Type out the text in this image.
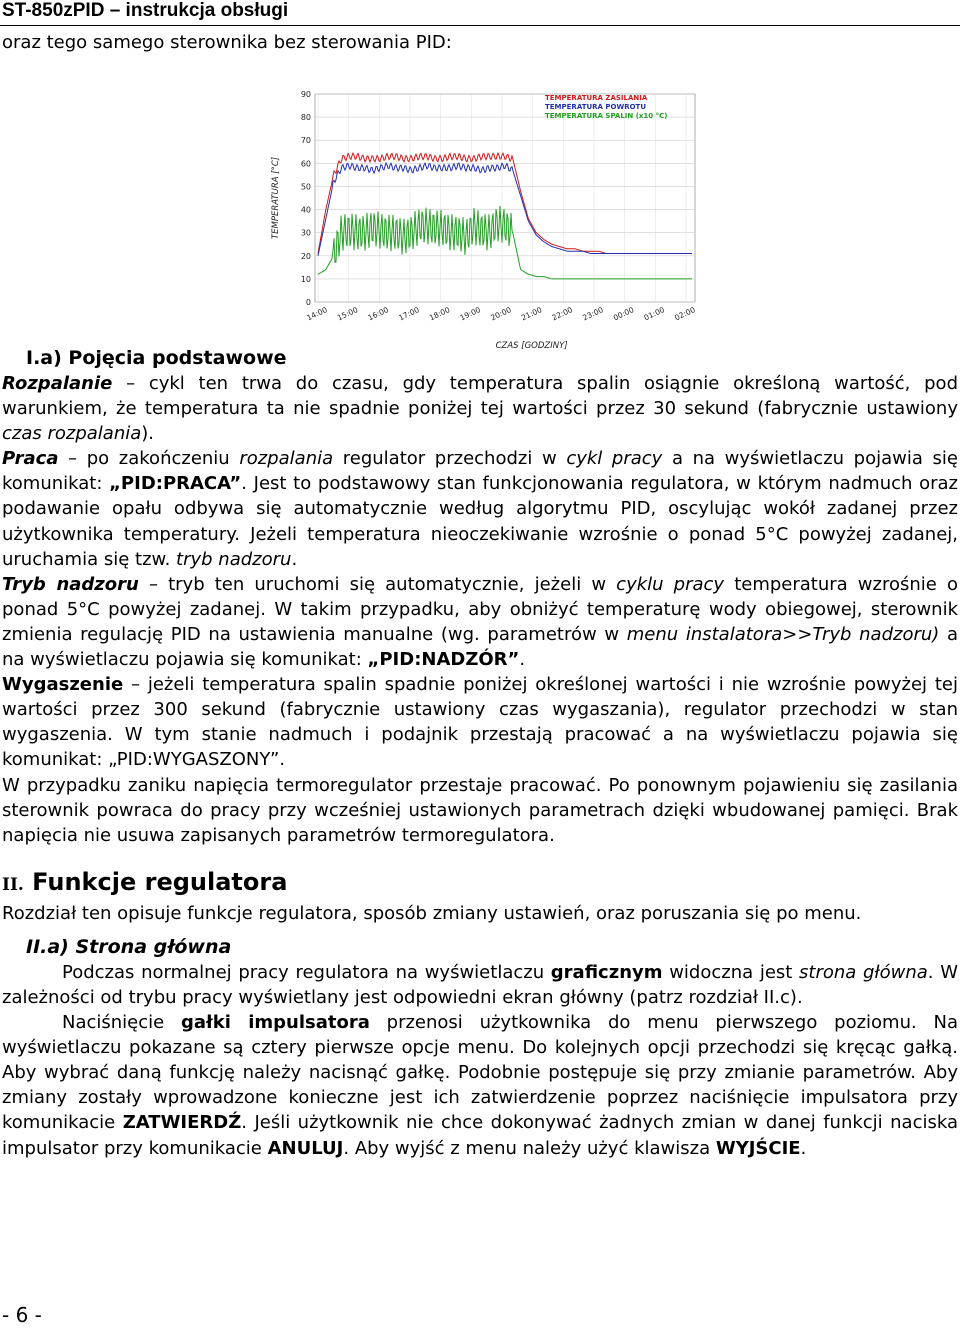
ST-850zPID – instrukcja obsługi
oraz tego samego sterownika bez sterowania PID:
0
10
20
30
40
50
60
70
80
90
14:00 15:00 16:00 17:00 18:00 19:00 20:00 21:00 22:00 23:00 00:00 01:00 02:00
TEMPERATURA [°C]
CZAS [GODZINY]
TEMPERATURA ZASILANIA
TEMPERATURA POWROTU
TEMPERATURA SPALIN (x10 °C)

I.a) Pojęcia podstawowe

Rozpalanie – cykl ten trwa do czasu, gdy temperatura spalin osiągnie określoną wartość, pod warunkiem, że temperatura ta nie spadnie poniżej tej wartości przez 30 sekund (fabrycznie ustawiony czas rozpalania).

Praca – po zakończeniu rozpalania regulator przechodzi w cykl pracy a na wyświetlaczu pojawia się komunikat: „PID:PRACA”. Jest to podstawowy stan funkcjonowania regulatora, w którym nadmuch oraz podawanie opału odbywa się automatycznie według algorytmu PID, oscylując wokół zadanej przez użytkownika temperatury. Jeżeli temperatura nieoczekiwanie wzrośnie o ponad 5°C powyżej zadanej, uruchamia się tzw. tryb nadzoru.

Tryb nadzoru – tryb ten uruchomi się automatycznie, jeżeli w cyklu pracy temperatura wzrośnie o ponad 5°C powyżej zadanej. W takim przypadku, aby obniżyć temperaturę wody obiegowej, sterownik zmienia regulację PID na ustawienia manualne (wg. parametrów w menu instalatora>>Tryb nadzoru) a na wyświetlaczu pojawia się komunikat: „PID:NADZÓR”.

Wygaszenie – jeżeli temperatura spalin spadnie poniżej określonej wartości i nie wzrośnie powyżej tej wartości przez 300 sekund (fabrycznie ustawiony czas wygaszania), regulator przechodzi w stan wygaszenia. W tym stanie nadmuch i podajnik przestają pracować a na wyświetlaczu pojawia się komunikat: „PID:WYGASZONY”.

W przypadku zaniku napięcia termoregulator przestaje pracować. Po ponownym pojawieniu się zasilania sterownik powraca do pracy przy wcześniej ustawionych parametrach dzięki wbudowanej pamięci. Brak napięcia nie usuwa zapisanych parametrów termoregulatora.

II. Funkcje regulatora

Rozdział ten opisuje funkcje regulatora, sposób zmiany ustawień, oraz poruszania się po menu.

II.a) Strona główna

Podczas normalnej pracy regulatora na wyświetlaczu graficznym widoczna jest strona główna. W zależności od trybu pracy wyświetlany jest odpowiedni ekran główny (patrz rozdział II.c).

Naciśnięcie gałki impulsatora przenosi użytkownika do menu pierwszego poziomu. Na wyświetlaczu pokazane są cztery pierwsze opcje menu. Do kolejnych opcji przechodzi się kręcąc gałką. Aby wybrać daną funkcję należy nacisnąć gałkę. Podobnie postępuje się przy zmianie parametrów. Aby zmiany zostały wprowadzone konieczne jest ich zatwierdzenie poprzez naciśnięcie impulsatora przy komunikacie ZATWIERDŹ. Jeśli użytkownik nie chce dokonywać żadnych zmian w danej funkcji naciska impulsator przy komunikacie ANULUJ. Aby wyjść z menu należy użyć klawisza WYJŚCIE.

- 6 -
